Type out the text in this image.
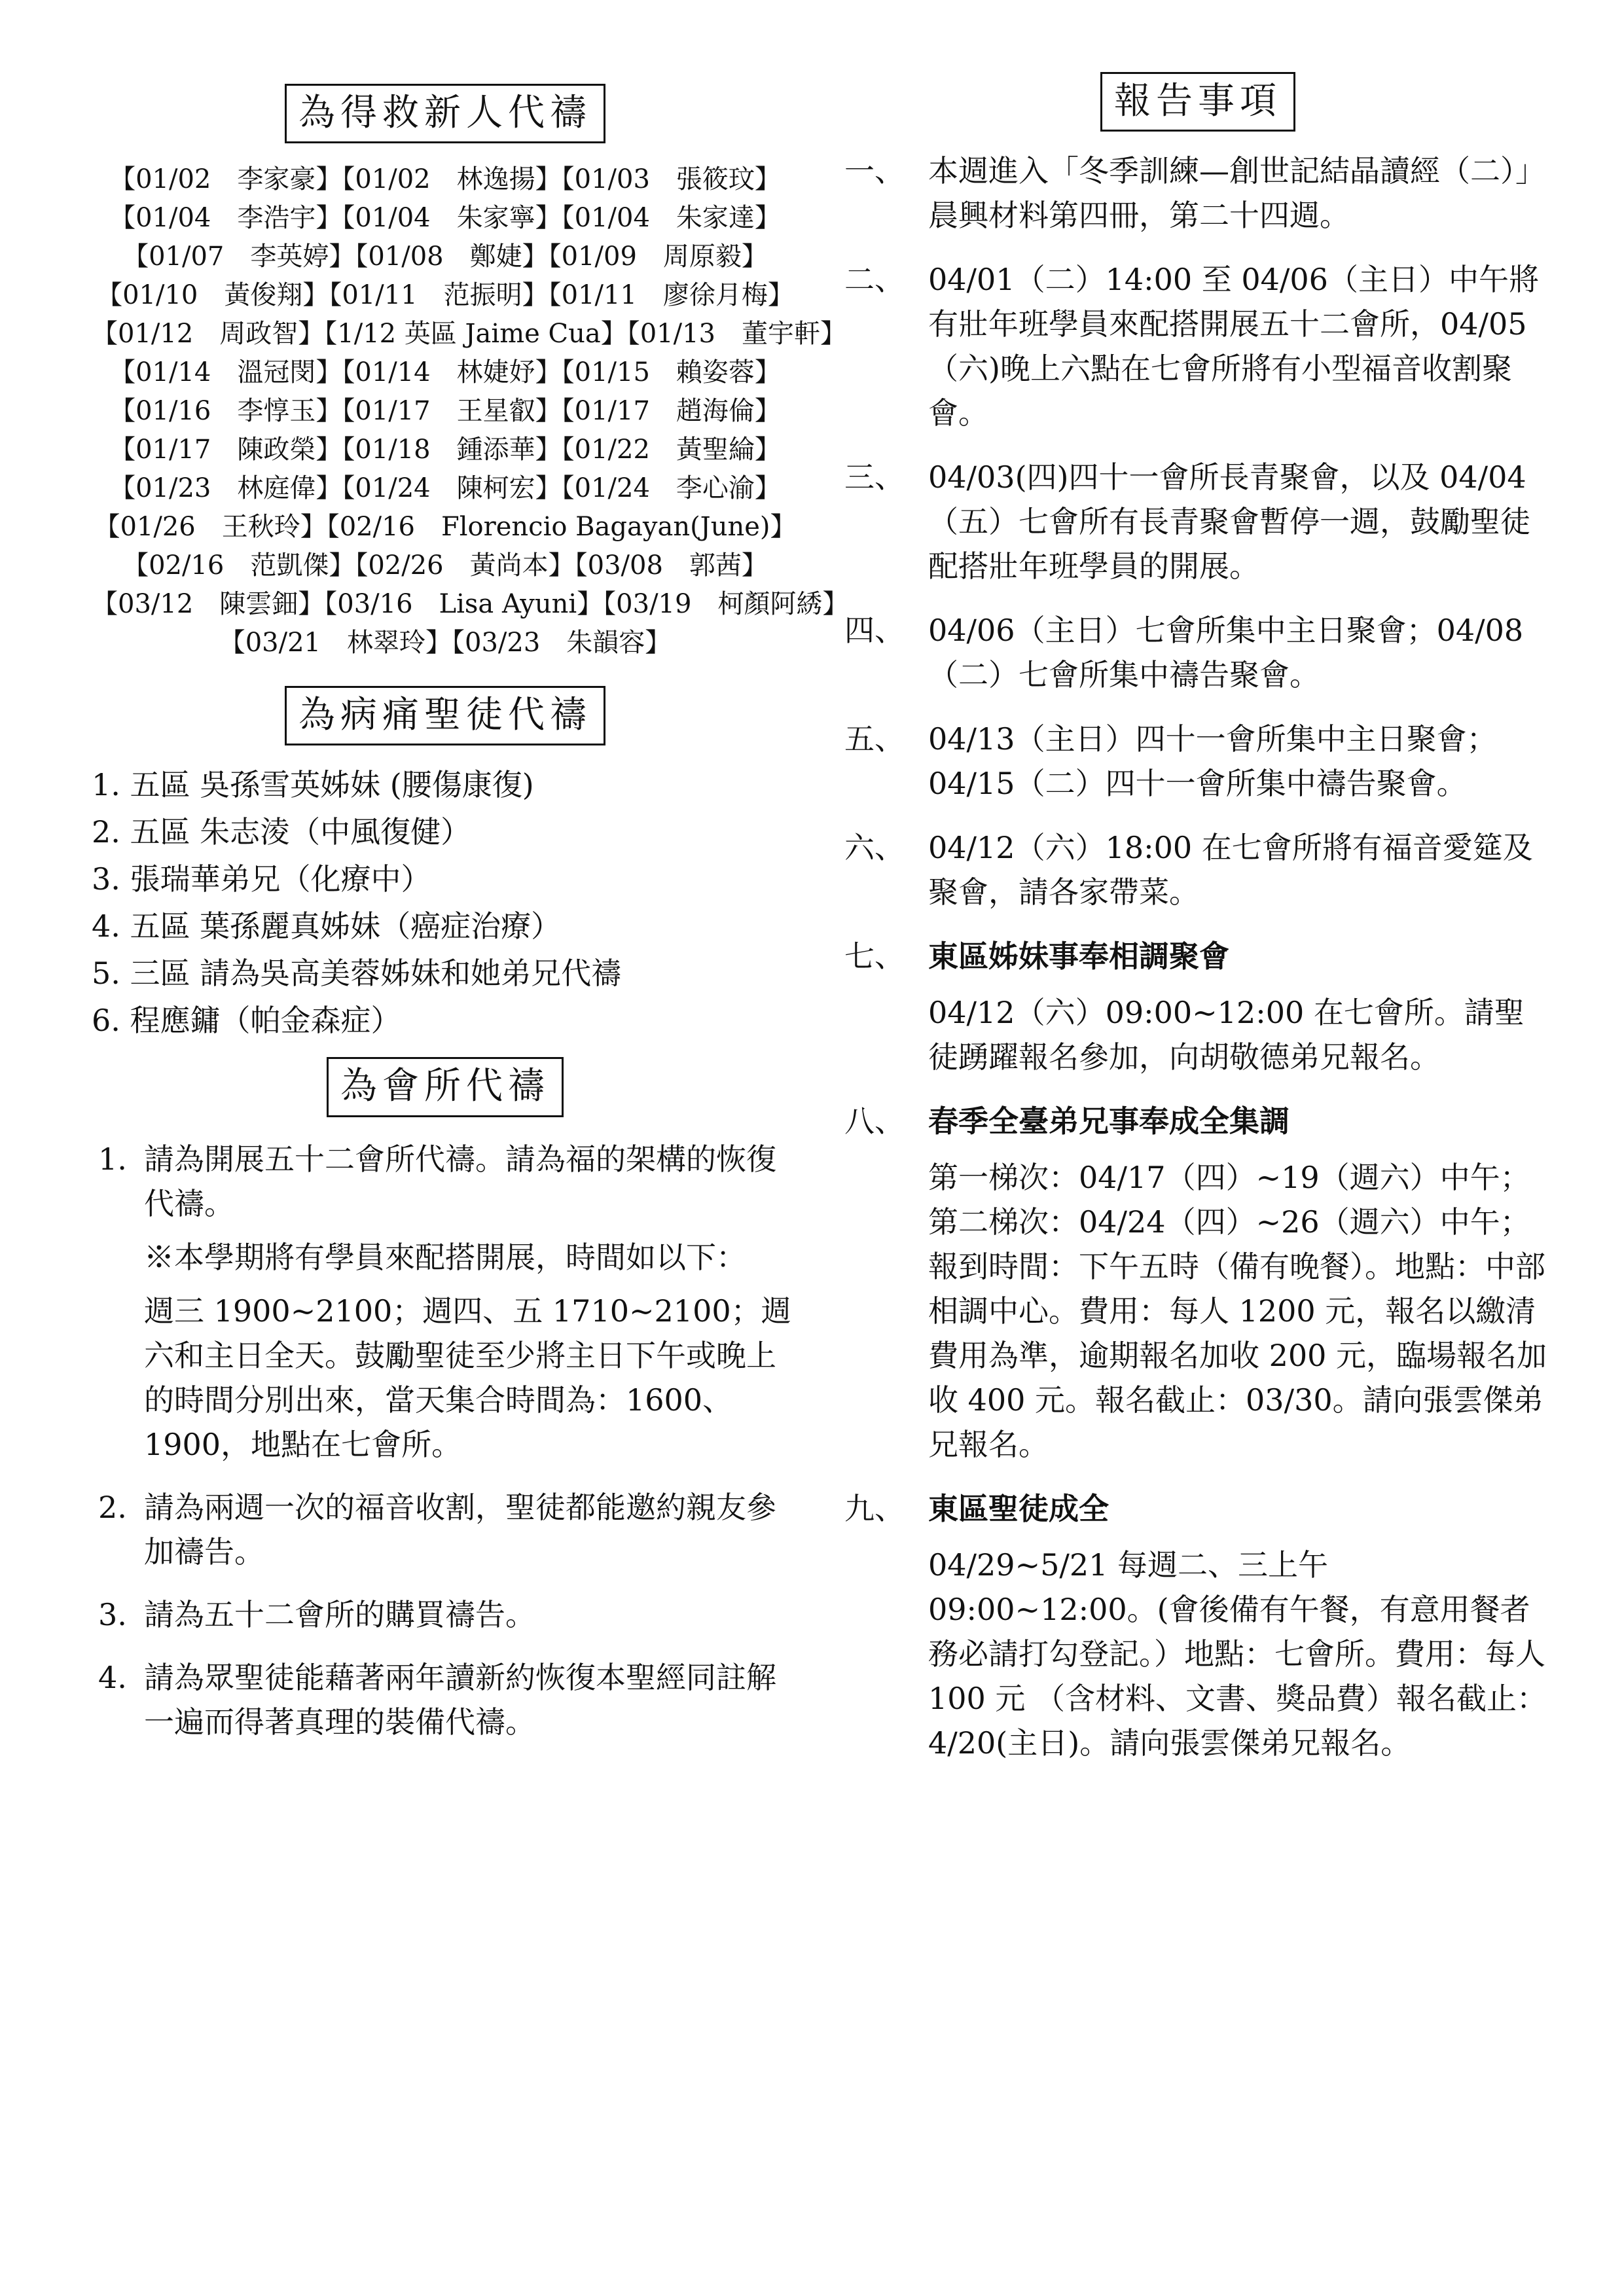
為得救新人代禱
【01/02　李家豪】【01/02　林逸揚】【01/03　張筱玟】
【01/04　李浩宇】【01/04　朱家寧】【01/04　朱家達】
【01/07　李英婷】【01/08　鄭婕】【01/09　周原毅】
【01/10　黃俊翔】【01/11　范振明】【01/11　廖徐月梅】
【01/12　周政智】【1/12 英區 Jaime Cua】【01/13　董宇軒】
【01/14　溫冠閔】【01/14　林婕妤】【01/15　賴姿蓉】
【01/16　李惇玉】【01/17　王星叡】【01/17　趙海倫】
【01/17　陳政榮】【01/18　鍾添華】【01/22　黃聖綸】
【01/23　林庭偉】【01/24　陳柯宏】【01/24　李心渝】
【01/26　王秋玲】【02/16　Florencio Bagayan(June)】
【02/16　范凱傑】【02/26　黃尚本】【03/08　郭茜】
【03/12　陳雲鈿】【03/16　Lisa Ayuni】【03/19　柯顏阿綉】
【03/21　林翠玲】【03/23　朱韻容】
為病痛聖徒代禱
1. 五區 吳孫雪英姊妹 (腰傷康復)
2. 五區 朱志淩（中風復健）
3. 張瑞華弟兄（化療中）
4. 五區 葉孫麗真姊妹（癌症治療）
5. 三區 請為吳高美蓉姊妹和她弟兄代禱
6. 程應鏞（帕金森症）
為會所代禱
1. 請為開展五十二會所代禱。請為福的架構的恢復代禱。
※本學期將有學員來配搭開展，時間如以下：
週三 1900~2100；週四、五 1710~2100；週六和主日全天。鼓勵聖徒至少將主日下午或晚上的時間分別出來，當天集合時間為：1600、1900，地點在七會所。
2. 請為兩週一次的福音收割，聖徒都能邀約親友參加禱告。
3. 請為五十二會所的購買禱告。
4. 請為眾聖徒能藉著兩年讀新約恢復本聖經同註解一遍而得著真理的裝備代禱。
報告事項
一、 本週進入「冬季訓練—創世記結晶讀經（二）」晨興材料第四冊，第二十四週。
二、 04/01（二）14:00 至 04/06（主日）中午將有壯年班學員來配搭開展五十二會所，04/05（六)晚上六點在七會所將有小型福音收割聚會。
三、 04/03(四)四十一會所長青聚會，以及 04/04（五）七會所有長青聚會暫停一週，鼓勵聖徒配搭壯年班學員的開展。
四、 04/06（主日）七會所集中主日聚會；04/08（二）七會所集中禱告聚會。
五、 04/13（主日）四十一會所集中主日聚會；04/15（二）四十一會所集中禱告聚會。
六、 04/12（六）18:00 在七會所將有福音愛筵及聚會，請各家帶菜。
七、 東區姊妹事奉相調聚會
04/12（六）09:00~12:00 在七會所。請聖徒踴躍報名參加，向胡敬德弟兄報名。
八、 春季全臺弟兄事奉成全集調
第一梯次：04/17（四）~19（週六）中午；第二梯次：04/24（四）~26（週六）中午；報到時間：下午五時（備有晚餐）。地點：中部相調中心。費用：每人 1200 元，報名以繳清費用為準，逾期報名加收 200 元，臨場報名加收 400 元。報名截止：03/30。請向張雲傑弟兄報名。
九、 東區聖徒成全
04/29~5/21 每週二、三上午 09:00~12:00。(會後備有午餐，有意用餐者務必請打勾登記。）地點：七會所。費用：每人 100 元 （含材料、文書、獎品費）報名截止：4/20(主日)。請向張雲傑弟兄報名。
